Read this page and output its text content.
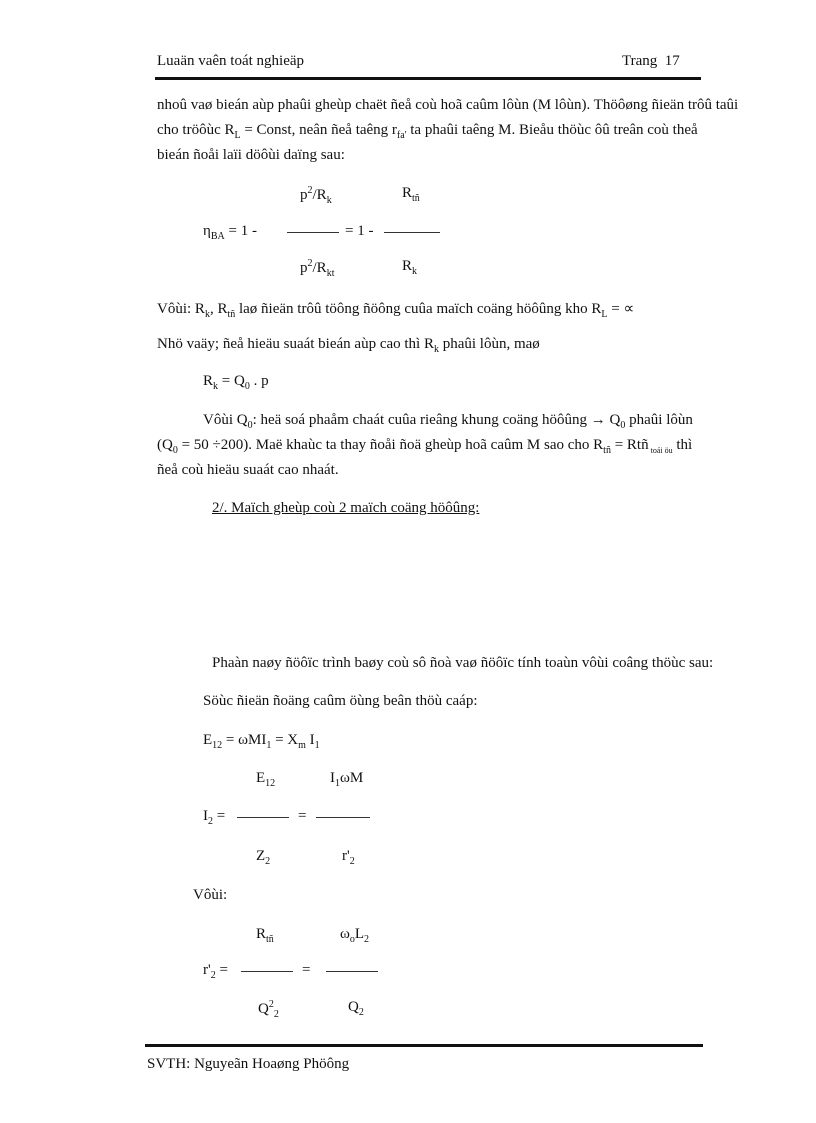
Luaän vaên toát nghieäp	Trang 17
nhoû vaø bieán aùp phaûi gheùp chaët ñeå coù hoã caûm lôùn (M lôùn). Thöôøng ñieän trôû taûi
cho tröôùc $R_L$ = Const, neân ñeå taêng $r_{fa'}$ ta phaûi taêng M. Bieåu thöùc ôû treân coù theå
bieán ñoåi laïi döôùi daïng sau:
$p^2/R_k$	$R_{tñ}$
$\eta_{BA} = 1$ -	= 1 -
$p^2/R_{kt}$	$R_k$
Vôùi: $R_k$, $R_{tñ}$ laø ñieän trôû töông ñöông cuûa maïch coäng höôûng kho $R_L$ = ∝
Nhö vaäy; ñeå hieäu suaát bieán aùp cao thì $R_k$ phaûi lôùn, maø
$R_k = Q_0$ . p
Vôùi $Q_0$: heä soá phaåm chaát cuûa rieâng khung coäng höôûng → $Q_0$ phaûi lôùn
$(Q_0 = 50 \div 200)$. Maë khaùc ta thay ñoåi ñoä gheùp hoã caûm M sao cho $R_{tñ}$ = Rtñ $_{toái öu}$ thì
ñeå coù hieäu suaát cao nhaát.
2/. Maïch gheùp coù 2 maïch coäng höôûng:
Phaàn naøy ñöôïc trình baøy coù sô ñoà vaø ñöôïc tính toaùn vôùi coâng thöùc sau:
Söùc ñieän ñoäng caûm öùng beân thöù caáp:
$E_{12} = \omega MI_1 = X_m$ $I_1$
$E_{12}$	$I_1\omega M$
$I_2$ =	=
$Z_2$	$r'_2$
Vôùi:
$R_{tñ}$	$\omega_oL_2$
$r'_2$ =	=
$Q^2_2$	$Q_2$
SVTH: Nguyeãn Hoaøng Phöông
